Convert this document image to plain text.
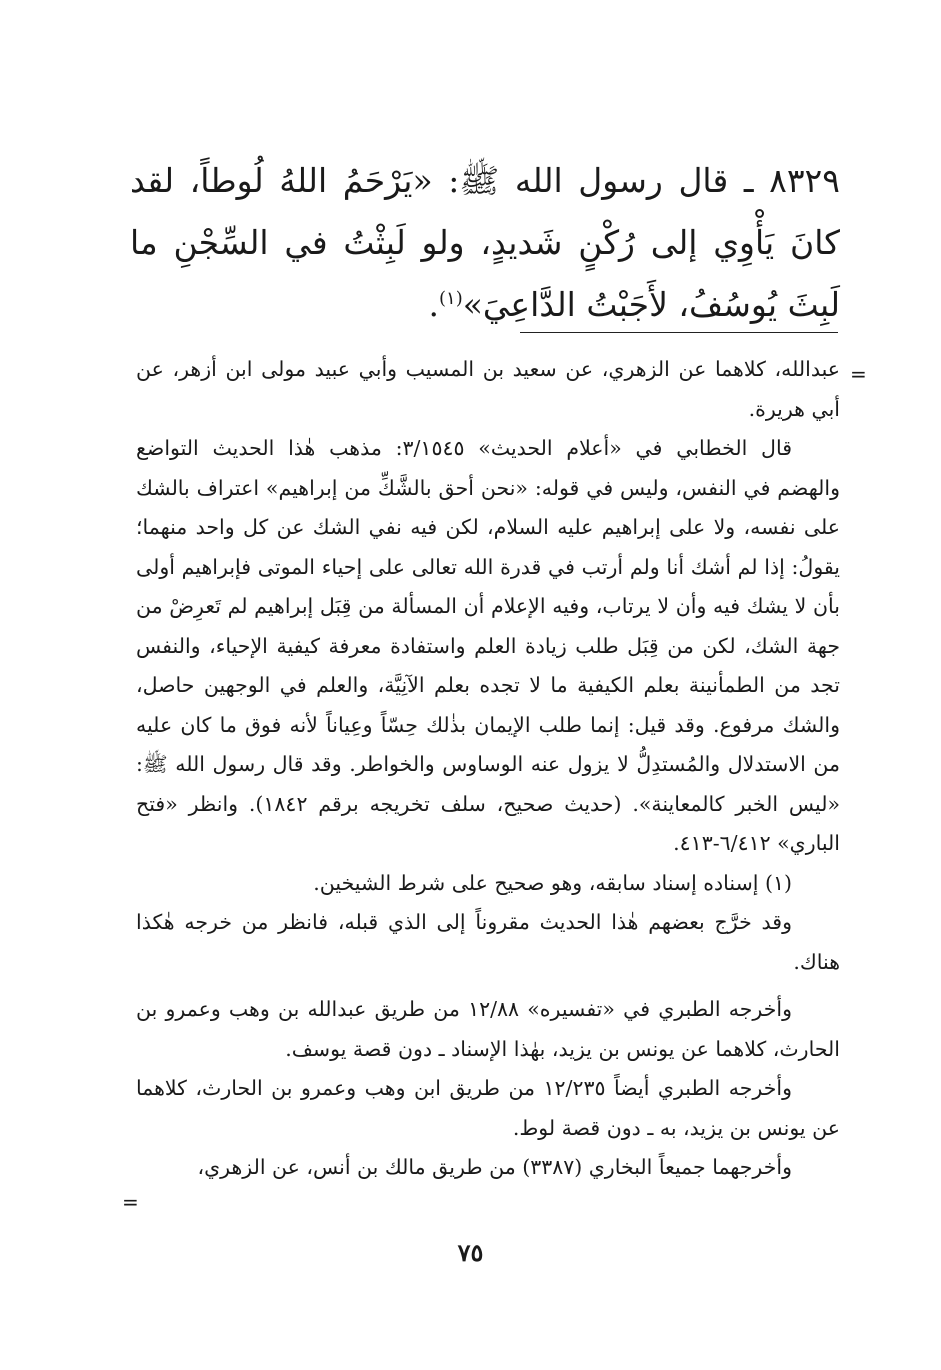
٨٣٢٩ ـ قال رسول الله ﷺ: «يَرْحَمُ اللهُ لُوطاً، لقد كانَ يَأْوِي إلى رُكْنٍ شَديدٍ، ولو لَبِثْتُ في السِّجْنِ ما لَبِثَ يُوسُفُ، لأَجَبْتُ الدَّاعِيَ»$^{(١)}$.
=

عبدالله، كلاهما عن الزهري، عن سعيد بن المسيب وأبي عبيد مولى ابن أزهر، عن أبي هريرة.

قال الخطابي في «أعلام الحديث» ٣/١٥٤٥: مذهب هٰذا الحديث التواضع والهضم في النفس، وليس في قوله: «نحن أحق بالشَّكِّ من إبراهيم» اعتراف بالشك على نفسه، ولا على إبراهيم عليه السلام، لكن فيه نفي الشك عن كل واحد منهما؛ يقولُ: إذا لم أشك أنا ولم أرتب في قدرة الله تعالى على إحياء الموتى فإبراهيم أولى بأن لا يشك فيه وأن لا يرتاب، وفيه الإعلام أن المسألة من قِبَل إبراهيم لم تَعرِضْ من جهة الشك، لكن من قِبَل طلب زيادة العلم واستفادة معرفة كيفية الإحياء، والنفس تجد من الطمأنينة بعلم الكيفية ما لا تجده بعلم الآنِيَّة، والعلم في الوجهين حاصل، والشك مرفوع. وقد قيل: إنما طلب الإيمان بذٰلك حِسّاً وعِياناً لأنه فوق ما كان عليه من الاستدلال والمُستدِلُّ لا يزول عنه الوساوس والخواطر. وقد قال رسول الله ﷺ: «ليس الخبر كالمعاينة». (حديث صحيح، سلف تخريجه برقم ١٨٤٢). وانظر «فتح الباري» ٦/٤١٢-٤١٣.

(١) إسناده إسناد سابقه، وهو صحيح على شرط الشيخين.

وقد خرَّج بعضهم هٰذا الحديث مقروناً إلى الذي قبله، فانظر من خرجه هٰكذا هناك.

وأخرجه الطبري في «تفسيره» ١٢/٨٨ من طريق عبدالله بن وهب وعمرو بن الحارث، كلاهما عن يونس بن يزيد، بهٰذا الإسناد ـ دون قصة يوسف.

وأخرجه الطبري أيضاً ١٢/٢٣٥ من طريق ابن وهب وعمرو بن الحارث، كلاهما عن يونس بن يزيد، به ـ دون قصة لوط.

وأخرجهما جميعاً البخاري (٣٣٨٧) من طريق مالك بن أنس، عن الزهري،

=
٧٥
